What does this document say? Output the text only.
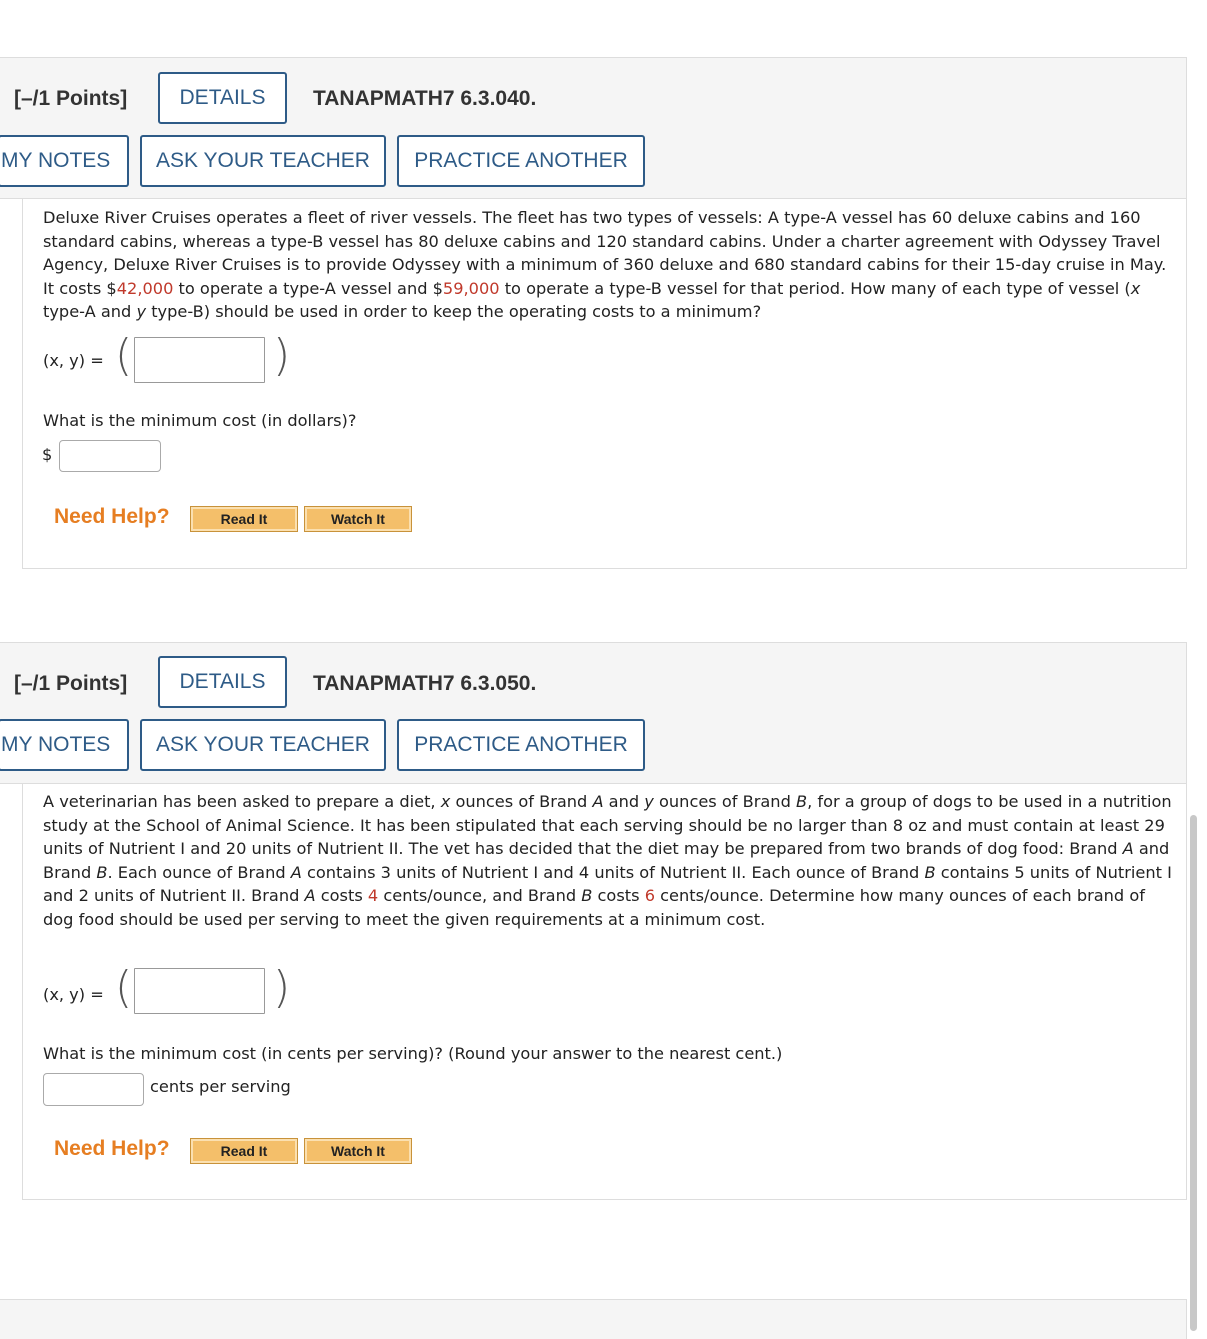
[–/1 Points]	DETAILS	TANAPMATH7 6.3.040.
MY NOTES	ASK YOUR TEACHER	PRACTICE ANOTHER

Deluxe River Cruises operates a fleet of river vessels. The fleet has two types of vessels: A type-A vessel has 60 deluxe cabins and 160 standard cabins, whereas a type-B vessel has 80 deluxe cabins and 120 standard cabins. Under a charter agreement with Odyssey Travel Agency, Deluxe River Cruises is to provide Odyssey with a minimum of 360 deluxe and 680 standard cabins for their 15-day cruise in May. It costs $42,000 to operate a type-A vessel and $59,000 to operate a type-B vessel for that period. How many of each type of vessel (x type-A and y type-B) should be used in order to keep the operating costs to a minimum?

(x, y) = (	)
What is the minimum cost (in dollars)?
$
Need Help?	Read It	Watch It
[–/1 Points]	DETAILS	TANAPMATH7 6.3.050.
MY NOTES	ASK YOUR TEACHER	PRACTICE ANOTHER

A veterinarian has been asked to prepare a diet, x ounces of Brand A and y ounces of Brand B, for a group of dogs to be used in a nutrition study at the School of Animal Science. It has been stipulated that each serving should be no larger than 8 oz and must contain at least 29 units of Nutrient I and 20 units of Nutrient II. The vet has decided that the diet may be prepared from two brands of dog food: Brand A and Brand B. Each ounce of Brand A contains 3 units of Nutrient I and 4 units of Nutrient II. Each ounce of Brand B contains 5 units of Nutrient I and 2 units of Nutrient II. Brand A costs 4 cents/ounce, and Brand B costs 6 cents/ounce. Determine how many ounces of each brand of dog food should be used per serving to meet the given requirements at a minimum cost.

(x, y) = (	)
What is the minimum cost (in cents per serving)? (Round your answer to the nearest cent.)
cents per serving
Need Help?	Read It	Watch It
